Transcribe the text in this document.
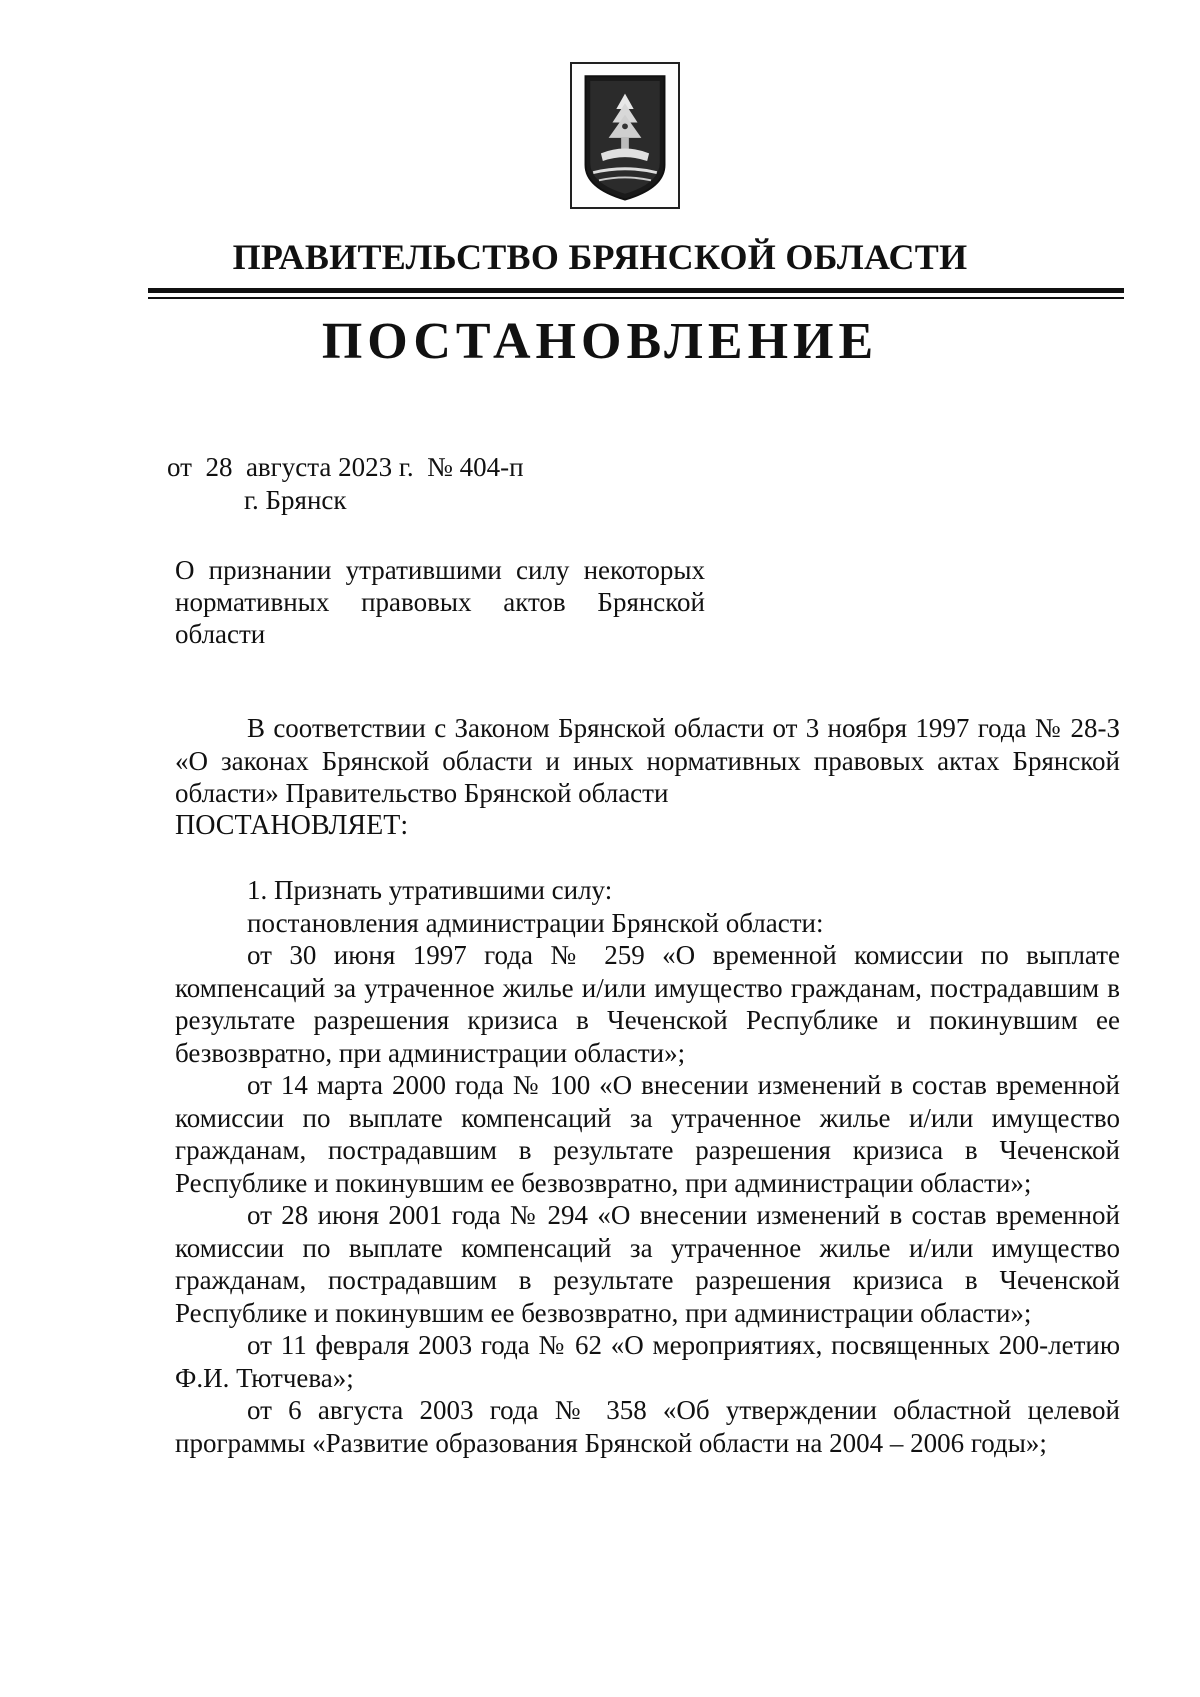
ПРАВИТЕЛЬСТВО БРЯНСКОЙ ОБЛАСТИ
ПОСТАНОВЛЕНИЕ
от  28  августа 2023 г.  № 404-п
г. Брянск
О признании утратившими силу некоторых нормативных правовых актов Брянской области

В соответствии с Законом Брянской области от 3 ноября 1997 года № 28-З «О законах Брянской области и иных нормативных правовых актах Брянской области» Правительство Брянской области

ПОСТАНОВЛЯЕТ:

1. Признать утратившими силу:

постановления администрации Брянской области:

от 30 июня 1997 года № 259 «О временной комиссии по выплате компенсаций за утраченное жилье и/или имущество гражданам, пострадавшим в результате разрешения кризиса в Чеченской Республике и покинувшим ее безвозвратно, при администрации области»;

от 14 марта 2000 года № 100 «О внесении изменений в состав временной комиссии по выплате компенсаций за утраченное жилье и/или имущество гражданам, пострадавшим в результате разрешения кризиса в Чеченской Республике и покинувшим ее безвозвратно, при администрации области»;

от 28 июня 2001 года № 294 «О внесении изменений в состав временной комиссии по выплате компенсаций за утраченное жилье и/или имущество гражданам, пострадавшим в результате разрешения кризиса в Чеченской Республике и покинувшим ее безвозвратно, при администрации области»;

от 11 февраля 2003 года № 62 «О мероприятиях, посвященных 200-летию Ф.И. Тютчева»;

от 6 августа 2003 года № 358 «Об утверждении областной целевой программы «Развитие образования Брянской области на 2004 – 2006 годы»;
